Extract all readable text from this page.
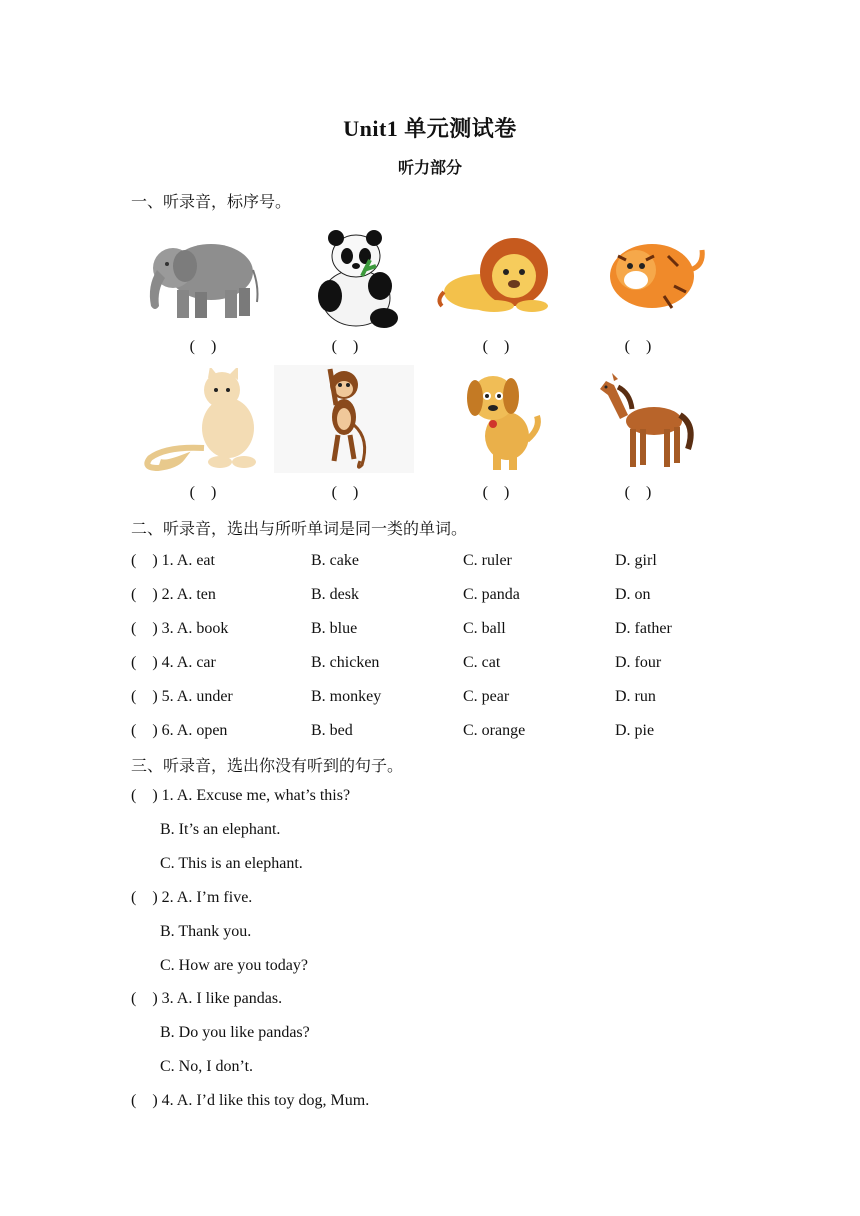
Unit1 单元测试卷
听力部分
一、听录音，标序号。
(    )	(    )	(    )	(    )
(    )	(    )	(    )	(    )
二、听录音，选出与所听单词是同一类的单词。
(    ) 1. A. eat	B. cake	C. ruler	D. girl
(    ) 2. A. ten	B. desk	C. panda	D. on
(    ) 3. A. book	B. blue	C. ball	D. father
(    ) 4. A. car	B. chicken	C. cat	D. four
(    ) 5. A. under	B. monkey	C. pear	D. run
(    ) 6. A. open	B. bed	C. orange	D. pie
三、听录音，选出你没有听到的句子。
(    ) 1. A. Excuse me, what’s this?
B. It’s an elephant.
C. This is an elephant.
(    ) 2. A. I’m five.
B. Thank you.
C. How are you today?
(    ) 3. A. I like pandas.
B. Do you like pandas?
C. No, I don’t.
(    ) 4. A. I’d like this toy dog, Mum.
